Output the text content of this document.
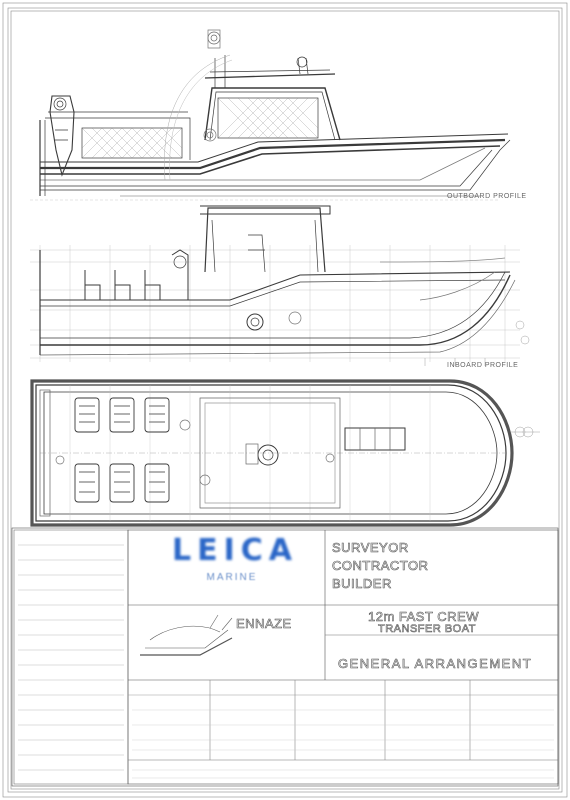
LEICA
MARINE
SURVEYOR
CONTRACTOR
BUILDER
12m FAST CREW
TRANSFER BOAT
GENERAL ARRANGEMENT
ENNAZE
OUTBOARD PROFILE
INBOARD PROFILE
